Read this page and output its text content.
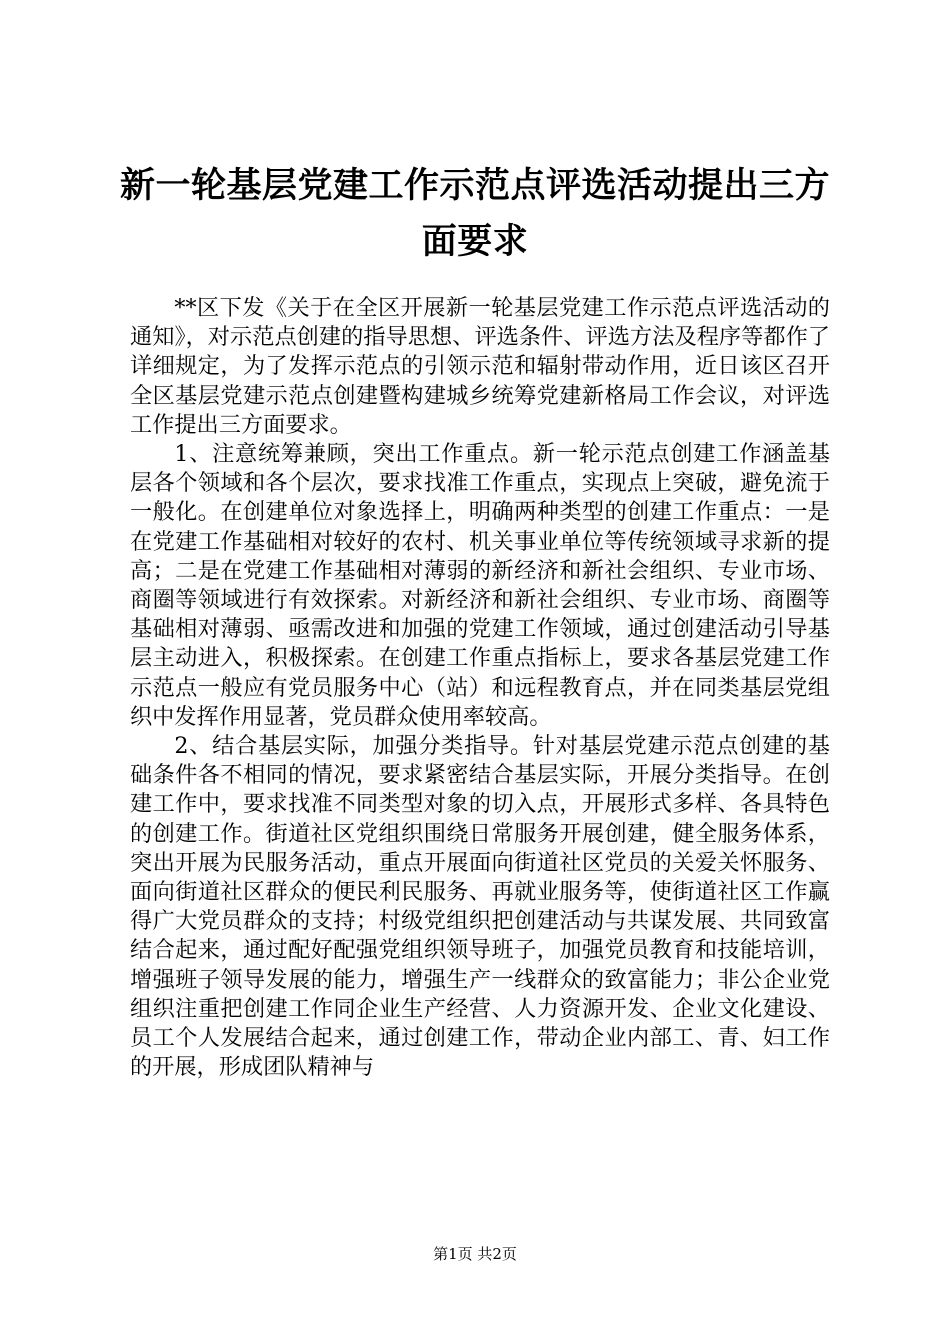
新一轮基层党建工作示范点评选活动提出三方面要求

**区下发《关于在全区开展新一轮基层党建工作示范点评选活动的通知》，对示范点创建的指导思想、评选条件、评选方法及程序等都作了详细规定，为了发挥示范点的引领示范和辐射带动作用，近日该区召开全区基层党建示范点创建暨构建城乡统筹党建新格局工作会议，对评选工作提出三方面要求。

1、注意统筹兼顾，突出工作重点。新一轮示范点创建工作涵盖基层各个领域和各个层次，要求找准工作重点，实现点上突破，避免流于一般化。在创建单位对象选择上，明确两种类型的创建工作重点：一是在党建工作基础相对较好的农村、机关事业单位等传统领域寻求新的提高；二是在党建工作基础相对薄弱的新经济和新社会组织、专业市场、商圈等领域进行有效探索。对新经济和新社会组织、专业市场、商圈等基础相对薄弱、亟需改进和加强的党建工作领域，通过创建活动引导基层主动进入，积极探索。在创建工作重点指标上，要求各基层党建工作示范点一般应有党员服务中心（站）和远程教育点，并在同类基层党组织中发挥作用显著，党员群众使用率较高。

2、结合基层实际，加强分类指导。针对基层党建示范点创建的基础条件各不相同的情况，要求紧密结合基层实际，开展分类指导。在创建工作中，要求找准不同类型对象的切入点，开展形式多样、各具特色的创建工作。街道社区党组织围绕日常服务开展创建，健全服务体系，突出开展为民服务活动，重点开展面向街道社区党员的关爱关怀服务、面向街道社区群众的便民利民服务、再就业服务等，使街道社区工作赢得广大党员群众的支持；村级党组织把创建活动与共谋发展、共同致富结合起来，通过配好配强党组织领导班子，加强党员教育和技能培训，增强班子领导发展的能力，增强生产一线群众的致富能力；非公企业党组织注重把创建工作同企业生产经营、人力资源开发、企业文化建设、员工个人发展结合起来，通过创建工作，带动企业内部工、青、妇工作的开展，形成团队精神与

第1页 共2页
